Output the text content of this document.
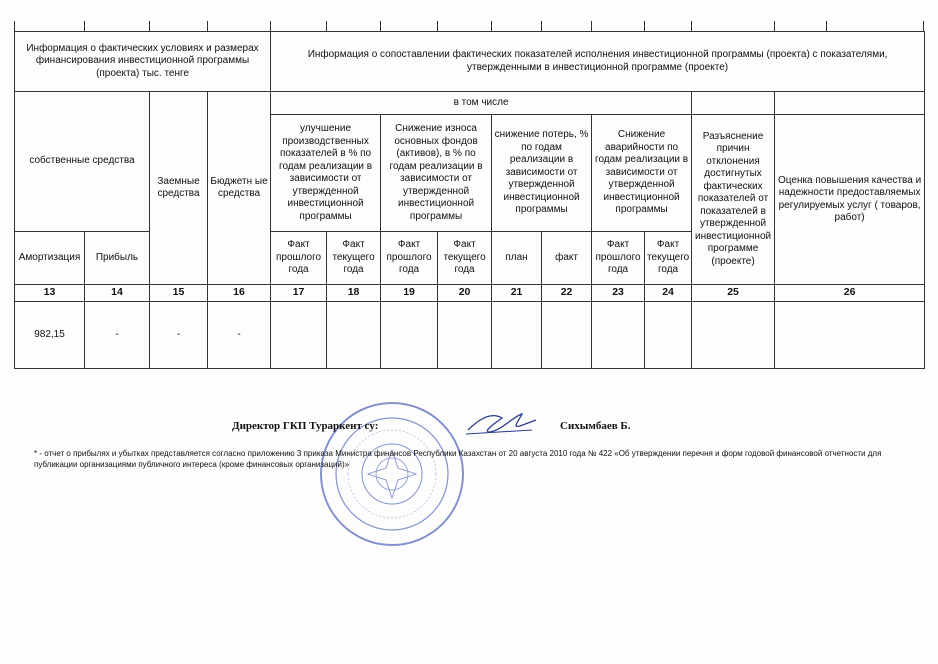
Информация о фактических условиях и размерах финансирования инвестиционной программы (проекта) тыс. тенге				Информация о сопоставлении фактических показателей исполнения инвестиционной программы (проекта) с показателями, утвержденными в инвестиционной программе (проекте)									
собственные средства		Заемные средства	Бюджетн ые средства	в том числе									
				улучшение производственных показателей в % по годам реализации в зависимости от утвержденной инвестиционной программы		Снижение износа основных фондов (активов), в % по годам реализации в зависимости от утвержденной инвестиционной программы		снижение потерь, % по годам реализации в зависимости от утвержденной инвестиционной программы		Снижение аварийности по годам реализации в зависимости от утвержденной инвестиционной программы		Разъяснение причин отклонения достигнутых фактических показателей от показателей в утвержденной инвестиционной программе (проекте)	Оценка повышения качества и надежности предоставляемых регулируемых услуг ( товаров, работ)
Амортизация	Прибыль			Факт прошлого года	Факт текущего года	Факт прошлого года	Факт текущего года	план	факт	Факт прошлого года	Факт текущего года		
13	14	15	16	17	18	19	20	21	22	23	24	25	26
982,15	-	-	-										
Директор ГКП Тураркент су:	Сихымбаев Б.
* - отчет о прибылях и убытках представляется согласно приложению 3 приказа Министра финансов Республики Казахстан от 20 августа 2010 года № 422 «Об утверждении перечня и форм годовой финансовой отчетности для публикации организациями публичного интереса (кроме финансовых организаций)»
